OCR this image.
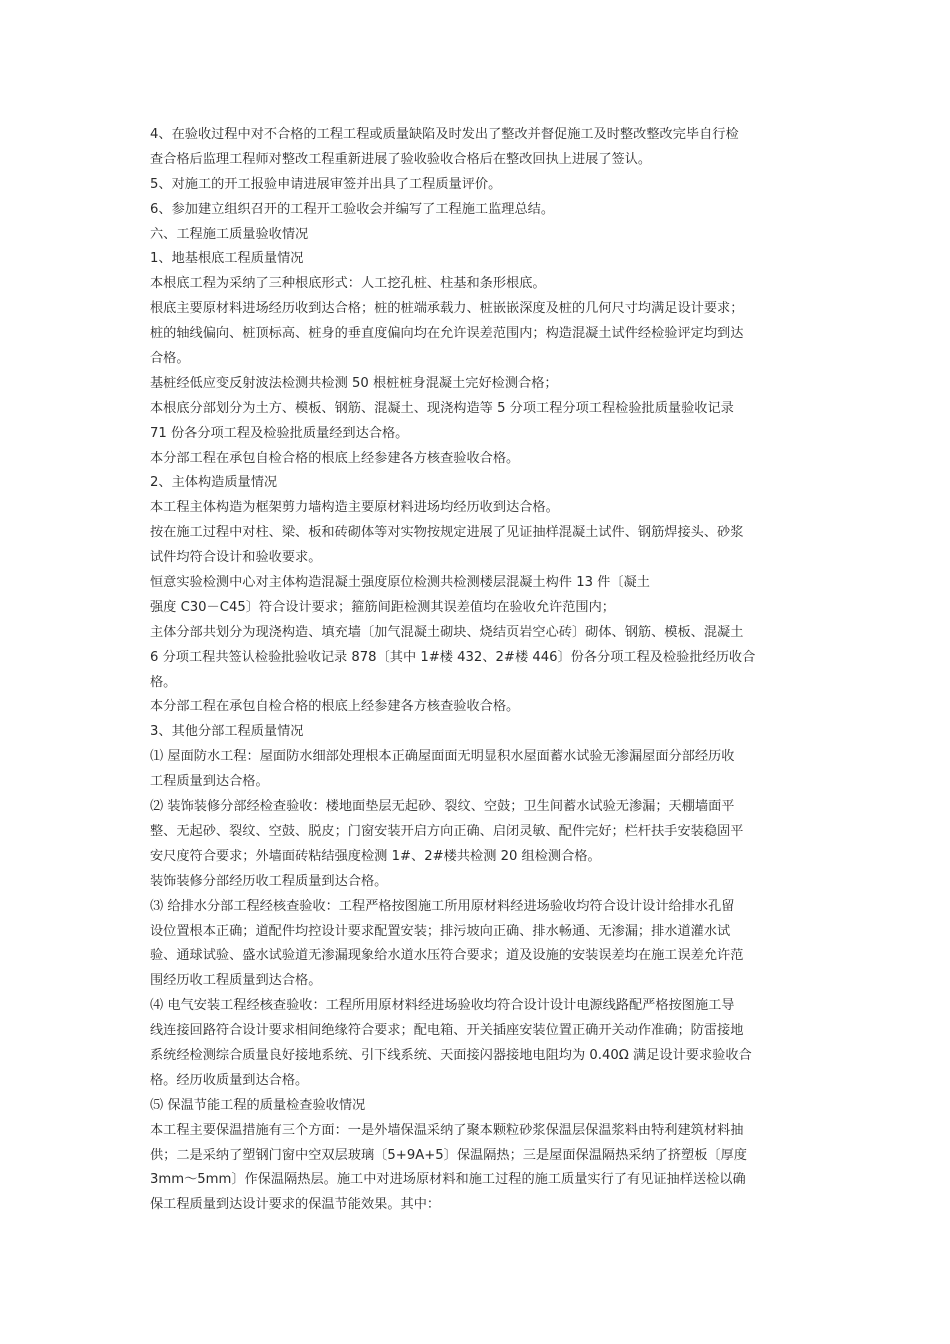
4、在验收过程中对不合格的工程工程或质量缺陷及时发出了整改并督促施工及时整改整改完毕自行检
查合格后监理工程师对整改工程重新进展了验收验收合格后在整改回执上进展了签认。
5、对施工的开工报验申请进展审签并出具了工程质量评价。
6、参加建立组织召开的工程开工验收会并编写了工程施工监理总结。
六、工程施工质量验收情况
1、地基根底工程质量情况
本根底工程为采纳了三种根底形式：人工挖孔桩、柱基和条形根底。
根底主要原材料进场经历收到达合格；桩的桩端承载力、桩嵌嵌深度及桩的几何尺寸均满足设计要求；
桩的轴线偏向、桩顶标高、桩身的垂直度偏向均在允许误差范围内；构造混凝土试件经检验评定均到达
合格。
基桩经低应变反射波法检测共检测 50 根桩桩身混凝土完好检测合格；
本根底分部划分为土方、模板、钢筋、混凝土、现浇构造等 5 分项工程分项工程检验批质量验收记录
71 份各分项工程及检验批质量经到达合格。
本分部工程在承包自检合格的根底上经参建各方核查验收合格。
2、主体构造质量情况
本工程主体构造为框架剪力墙构造主要原材料进场均经历收到达合格。
按在施工过程中对柱、梁、板和砖砌体等对实物按规定进展了见证抽样混凝土试件、钢筋焊接头、砂浆
试件均符合设计和验收要求。
恒意实验检测中心对主体构造混凝土强度原位检测共检测楼层混凝土构件 13 件〔凝土
强度 C30－C45〕符合设计要求；箍筋间距检测其误差值均在验收允许范围内；
主体分部共划分为现浇构造、填充墙〔加气混凝土砌块、烧结页岩空心砖〕砌体、钢筋、模板、混凝土
6 分项工程共签认检验批验收记录 878〔其中 1#楼 432、2#楼 446〕份各分项工程及检验批经历收合
格。
本分部工程在承包自检合格的根底上经参建各方核查验收合格。
3、其他分部工程质量情况
⑴ 屋面防水工程：屋面防水细部处理根本正确屋面面无明显积水屋面蓄水试验无渗漏屋面分部经历收
工程质量到达合格。
⑵ 装饰装修分部经检查验收：楼地面垫层无起砂、裂纹、空鼓；卫生间蓄水试验无渗漏；天棚墙面平
整、无起砂、裂纹、空鼓、脱皮；门窗安装开启方向正确、启闭灵敏、配件完好；栏杆扶手安装稳固平
安尺度符合要求；外墙面砖粘结强度检测 1#、2#楼共检测 20 组检测合格。
装饰装修分部经历收工程质量到达合格。
⑶ 给排水分部工程经核查验收：工程严格按图施工所用原材料经进场验收均符合设计设计给排水孔留
设位置根本正确；道配件均控设计要求配置安装；排污坡向正确、排水畅通、无渗漏；排水道灌水试
验、通球试验、盛水试验道无渗漏现象给水道水压符合要求；道及设施的安装误差均在施工误差允许范
围经历收工程质量到达合格。
⑷ 电气安装工程经核查验收：工程所用原材料经进场验收均符合设计设计电源线路配严格按图施工导
线连接回路符合设计要求相间绝缘符合要求；配电箱、开关插座安装位置正确开关动作准确；防雷接地
系统经检测综合质量良好接地系统、引下线系统、天面接闪器接地电阻均为 0.40Ω 满足设计要求验收合
格。经历收质量到达合格。
⑸ 保温节能工程的质量检查验收情况
本工程主要保温措施有三个方面：一是外墙保温采纳了聚本颗粒砂浆保温层保温浆料由特利建筑材料抽
供；二是采纳了塑钢门窗中空双层玻璃〔5+9A+5〕保温隔热；三是屋面保温隔热采纳了挤塑板〔厚度
3mm～5mm〕作保温隔热层。施工中对进场原材料和施工过程的施工质量实行了有见证抽样送检以确
保工程质量到达设计要求的保温节能效果。其中：
